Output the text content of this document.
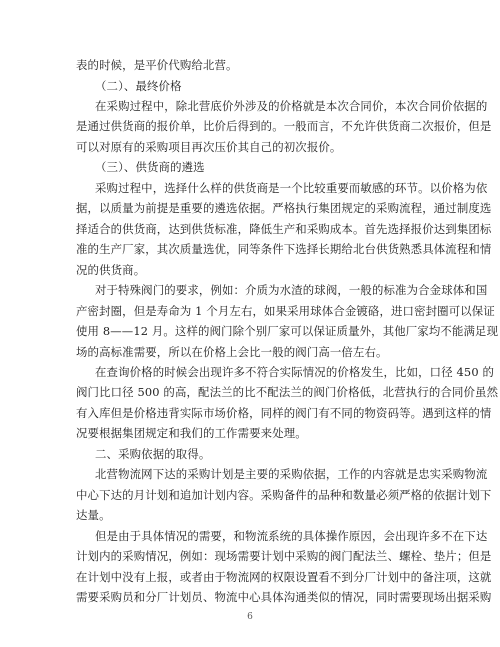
表的时候，是平价代购给北营。
（二）、最终价格
在采购过程中，除北营底价外涉及的价格就是本次合同价，本次合同价依据的
是通过供货商的报价单，比价后得到的。一般而言，不允许供货商二次报价，但是
可以对原有的采购项目再次压价其自己的初次报价。
（三）、供货商的遴选
采购过程中，选择什么样的供货商是一个比较重要而敏感的环节。以价格为依
据，以质量为前提是重要的遴选依据。严格执行集团规定的采购流程，通过制度选
择适合的供货商，达到供货标准，降低生产和采购成本。首先选择报价达到集团标
准的生产厂家，其次质量选优，同等条件下选择长期给北台供货熟悉具体流程和情
况的供货商。
对于特殊阀门的要求，例如：介质为水渣的球阀，一般的标准为合金球体和国
产密封圈，但是寿命为 1 个月左右，如果采用球体合金镀硌，进口密封圈可以保证
使用 8——12 月。这样的阀门除个别厂家可以保证质量外，其他厂家均不能满足现
场的高标准需要，所以在价格上会比一般的阀门高一倍左右。
在查询价格的时候会出现许多不符合实际情况的价格发生，比如，口径 450 的
阀门比口径 500 的高，配法兰的比不配法兰的阀门价格低，北营执行的合同价虽然
有入库但是价格违背实际市场价格，同样的阀门有不同的物资码等。遇到这样的情
况要根据集团规定和我们的工作需要来处理。
二、采购依据的取得。
北营物流网下达的采购计划是主要的采购依据，工作的内容就是忠实采购物流
中心下达的月计划和追加计划内容。采购备件的品种和数量必须严格的依据计划下
达量。
但是由于具体情况的需要，和物流系统的具体操作原因，会出现许多不在下达
6
计划内的采购情况，例如：现场需要计划中采购的阀门配法兰、螺栓、垫片；但是
在计划中没有上报，或者由于物流网的权限设置看不到分厂计划中的备注项，这就
需要采购员和分厂计划员、物流中心具体沟通类似的情况，同时需要现场出据采购
